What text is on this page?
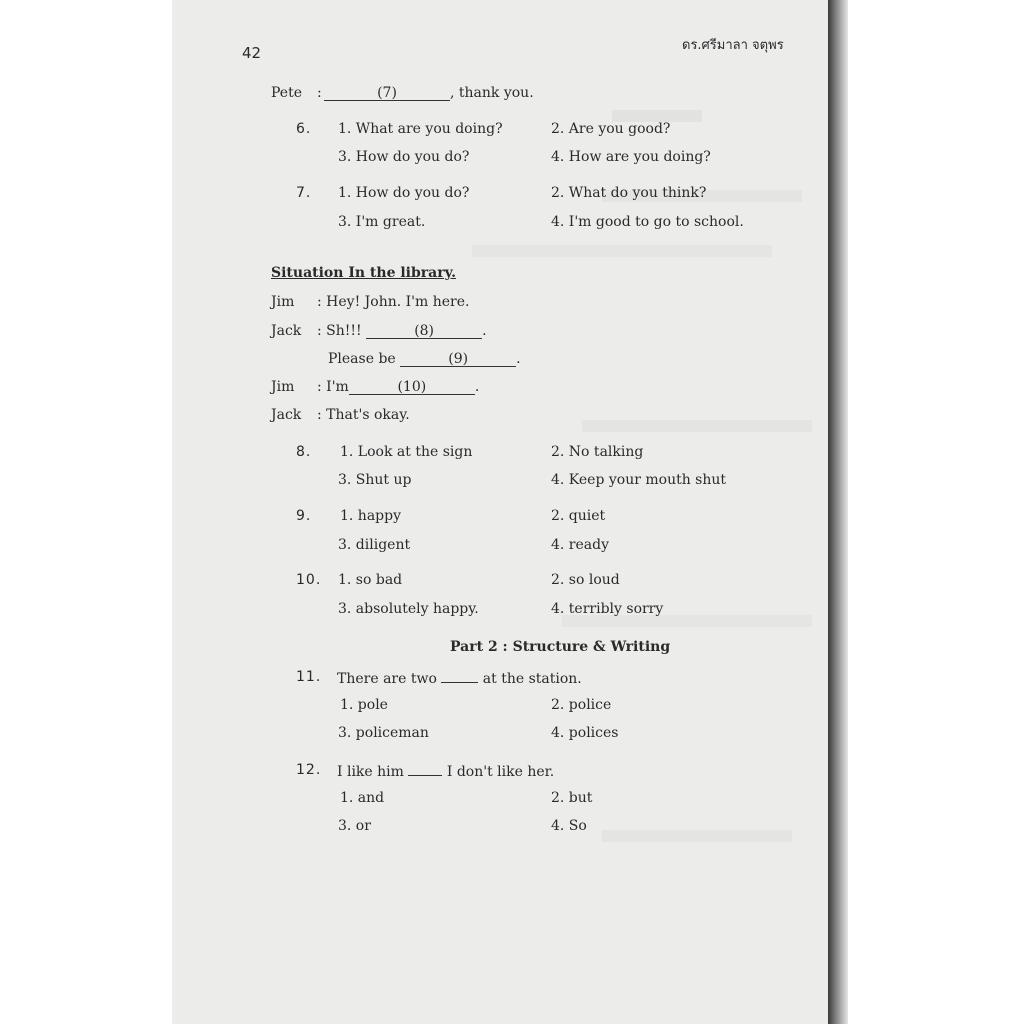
42	ดร.ศรีมาลา จตุพร
Pete :	(7)	, thank you.
6. 1. What are you doing?	2. Are you good?
3. How do you do?	4. How are you doing?
7. 1. How do you do?	2. What do you think?
3. I'm great.	4. I'm good to go to school.
Situation In the library.
Jim : Hey! John. I'm here.
Jack : Sh!!!	(8)	.
Please be	(9)	.
Jim : I'm	(10)	.
Jack : That's okay.
8. 1. Look at the sign	2. No talking
3. Shut up	4. Keep your mouth shut
9. 1. happy	2. quiet
3. diligent	4. ready
10. 1. so bad	2. so loud
3. absolutely happy.	4. terribly sorry
Part 2 : Structure & Writing
11. There are two	at the station.
1. pole	2. police
3. policeman	4. polices
12. I like him	I don't like her.
1. and	2. but
3. or	4. So
